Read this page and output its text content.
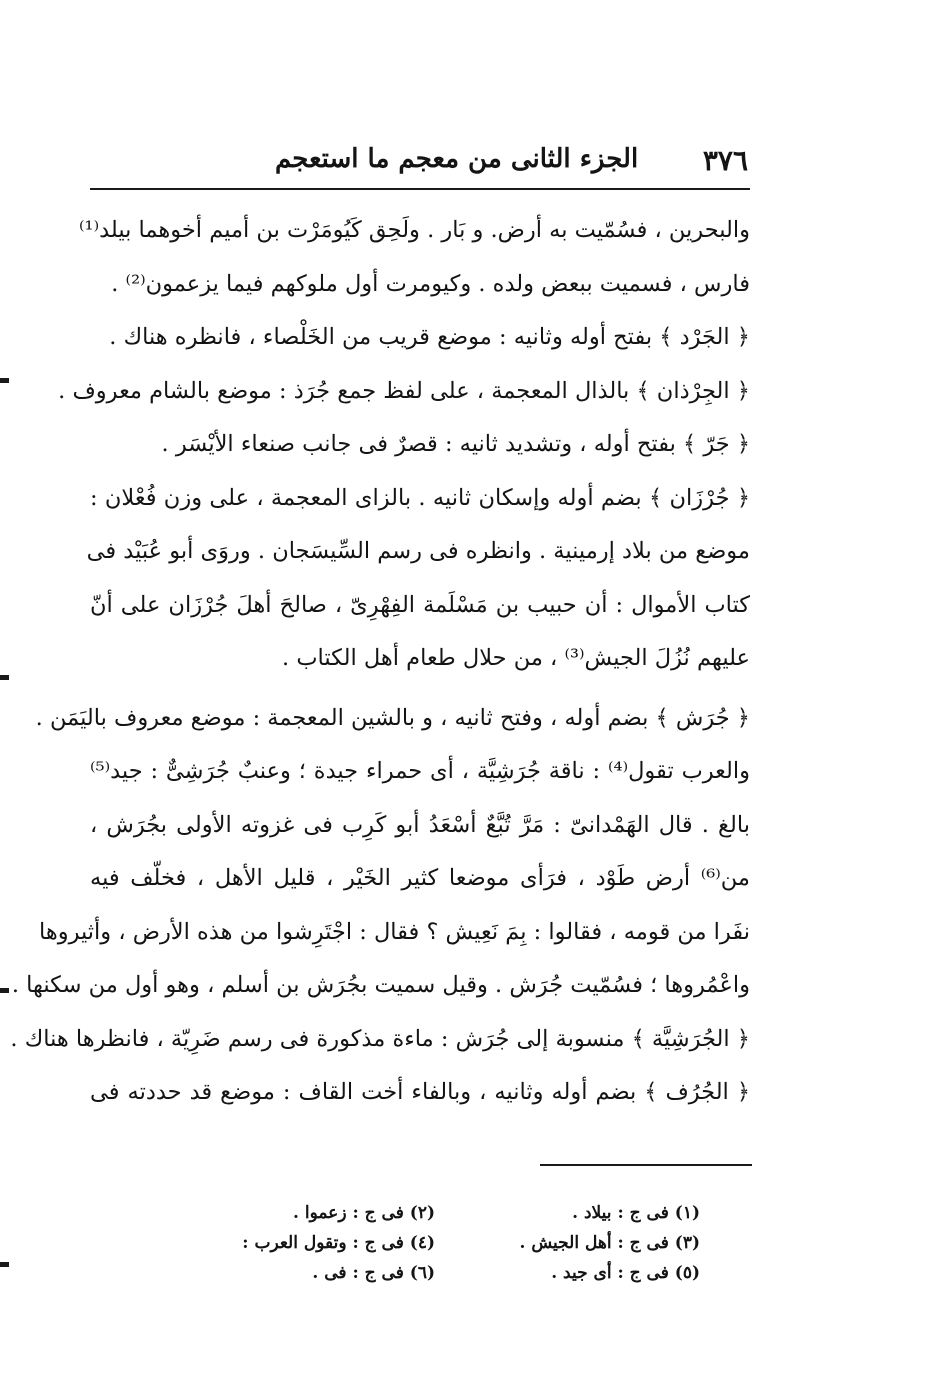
٣٧٦
الجزء الثانى من معجم ما استعجم
والبحرين ، فسُمّيت به أرض. و بَار . ولَحِق كَيُومَرْت بن أميم أخوهما بيلد⁽¹⁾
فارس ، فسميت ببعض ولده . وكيومرت أول ملوكهم فيما يزعمون⁽²⁾ .
﴿ الجَرْد ﴾ بفتح أوله وثانيه : موضع قريب من الخَلْصاء ، فانظره هناك .
﴿ الجِرْذان ﴾ بالذال المعجمة ، على لفظ جمع جُرَذ : موضع بالشام معروف .
﴿ جَرّ ﴾ بفتح أوله ، وتشديد ثانيه : قصرٌ فى جانب صنعاء الأيْسَر .
﴿ جُرْزَان ﴾ بضم أوله وإسكان ثانيه . بالزاى المعجمة ، على وزن فُعْلان :
موضع من بلاد إرمينية . وانظره فى رسم السِّيسَجان . وروَى أبو عُبَيْد فى
كتاب الأموال : أن حبيب بن مَسْلَمة الفِهْرِىّ ، صالحَ أهلَ جُرْزَان على أنّ
عليهم نُزُلَ الجيش⁽³⁾ ، من حلال طعام أهل الكتاب .
﴿ جُرَش ﴾ بضم أوله ، وفتح ثانيه ، و بالشين المعجمة : موضع معروف باليَمَن .
والعرب تقول⁽⁴⁾ : ناقة جُرَشِيَّة ، أى حمراء جيدة ؛ وعنبٌ جُرَشِىٌّ : جيد⁽⁵⁾
بالغ . قال الهَمْدانىّ : مَرَّ تُبَّعٌ أسْعَدُ أبو كَرِب فى غزوته الأولى بجُرَش ،
من⁽⁶⁾ أرض طَوْد ، فرَأى موضعا كثير الخَيْر ، قليل الأهل ، فخلّف فيه
نفَرا من قومه ، فقالوا : بِمَ نَعِيش ؟ فقال : اجْتَرِشوا من هذه الأرض ، وأثيروها
واعْمُروها ؛ فسُمّيت جُرَش . وقيل سميت بجُرَش بن أسلم ، وهو أول من سكنها .
﴿ الجُرَشِيَّة ﴾ منسوبة إلى جُرَش : ماءة مذكورة فى رسم ضَرِيّة ، فانظرها هناك .
﴿ الجُرُف ﴾ بضم أوله وثانيه ، وبالفاء أخت القاف : موضع قد حددته فى
(١) فى ج : بيلاد .
(٢) فى ج : زعموا .
(٣) فى ج : أهل الجيش .
(٤) فى ج : وتقول العرب :
(٥) فى ج : أى جيد .
(٦) فى ج : فى .
